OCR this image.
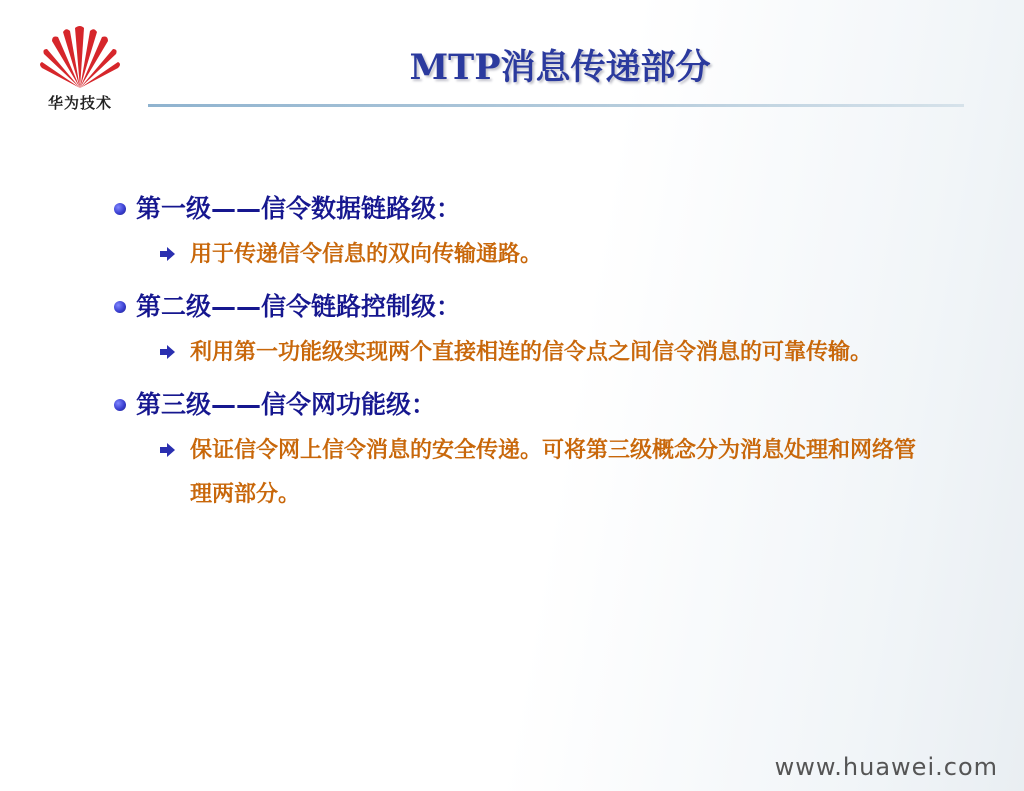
华为技术
MTP消息传递部分
第一级——信令数据链路级：
用于传递信令信息的双向传输通路。
第二级——信令链路控制级：
利用第一功能级实现两个直接相连的信令点之间信令消息的可靠传输。
第三级——信令网功能级：
保证信令网上信令消息的安全传递。可将第三级概念分为消息处理和网络管理两部分。
www.huawei.com
